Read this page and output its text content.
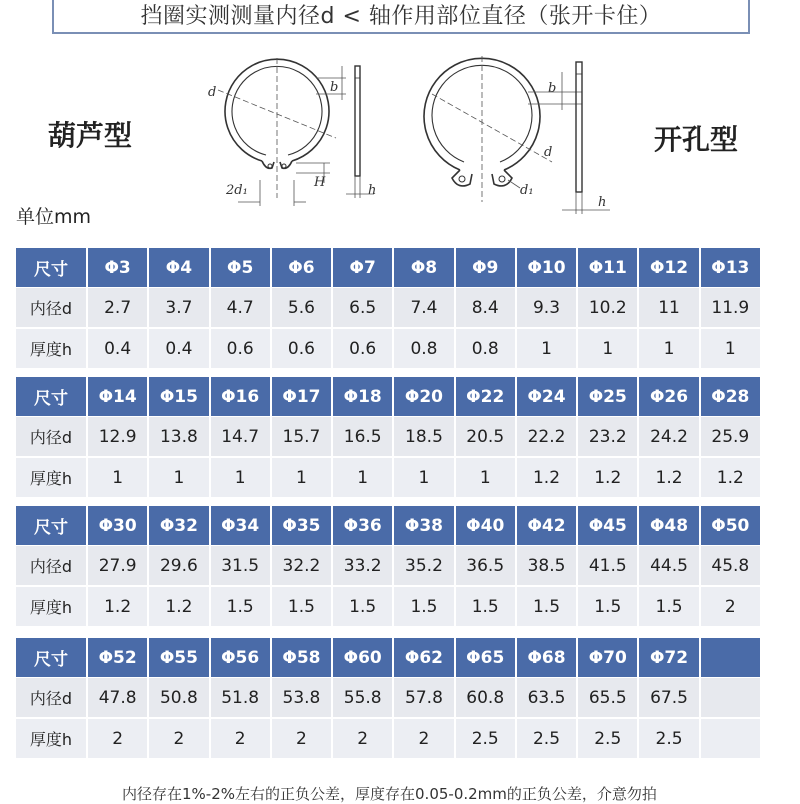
挡圈实测测量内径d < 轴作用部位直径（张开卡住）
葫芦型	开孔型
d	b
H
2d₁	h
b
d
d₁
h
单位mm
尺寸	Φ3	Φ4	Φ5	Φ6	Φ7	Φ8	Φ9	Φ10	Φ11	Φ12	Φ13
内径d	2.7	3.7	4.7	5.6	6.5	7.4	8.4	9.3	10.2	11	11.9
厚度h	0.4	0.4	0.6	0.6	0.6	0.8	0.8	1	1	1	1
尺寸	Φ14	Φ15	Φ16	Φ17	Φ18	Φ20	Φ22	Φ24	Φ25	Φ26	Φ28
内径d	12.9	13.8	14.7	15.7	16.5	18.5	20.5	22.2	23.2	24.2	25.9
厚度h	1	1	1	1	1	1	1	1.2	1.2	1.2	1.2
尺寸	Φ30	Φ32	Φ34	Φ35	Φ36	Φ38	Φ40	Φ42	Φ45	Φ48	Φ50
内径d	27.9	29.6	31.5	32.2	33.2	35.2	36.5	38.5	41.5	44.5	45.8
厚度h	1.2	1.2	1.5	1.5	1.5	1.5	1.5	1.5	1.5	1.5	2
尺寸	Φ52	Φ55	Φ56	Φ58	Φ60	Φ62	Φ65	Φ68	Φ70	Φ72	
内径d	47.8	50.8	51.8	53.8	55.8	57.8	60.8	63.5	65.5	67.5	
厚度h	2	2	2	2	2	2	2.5	2.5	2.5	2.5	
内径存在1%-2%左右的正负公差，厚度存在0.05-0.2mm的正负公差，介意勿拍
